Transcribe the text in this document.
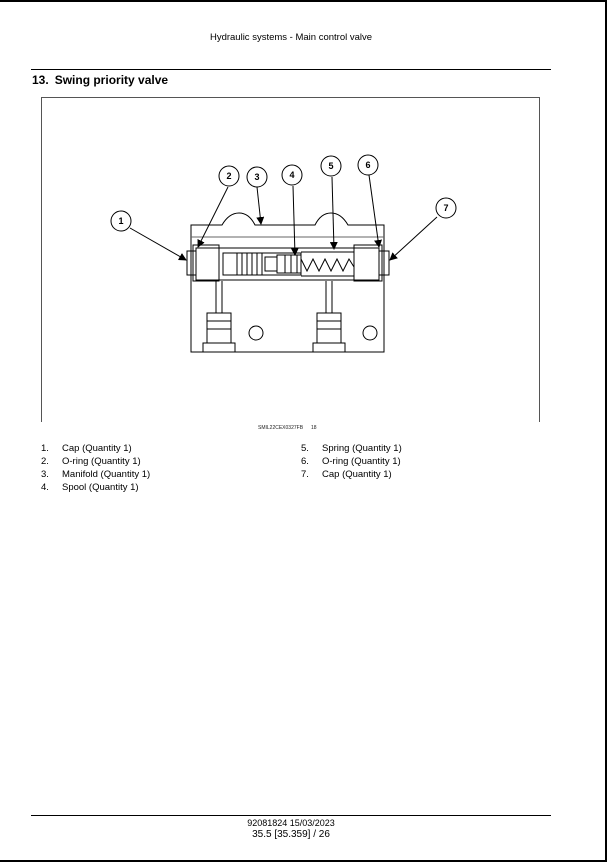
Hydraulic systems - Main control valve
13. Swing priority valve
1
2	3	4
5	6
7
SMIL22CEX0327FB 18
1.	Cap (Quantity 1)
2.	O-ring (Quantity 1)
3.	Manifold (Quantity 1)
4.	Spool (Quantity 1)
5.	Spring (Quantity 1)
6.	O-ring (Quantity 1)
7.	Cap (Quantity 1)
92081824 15/03/2023
35.5 [35.359] / 26
